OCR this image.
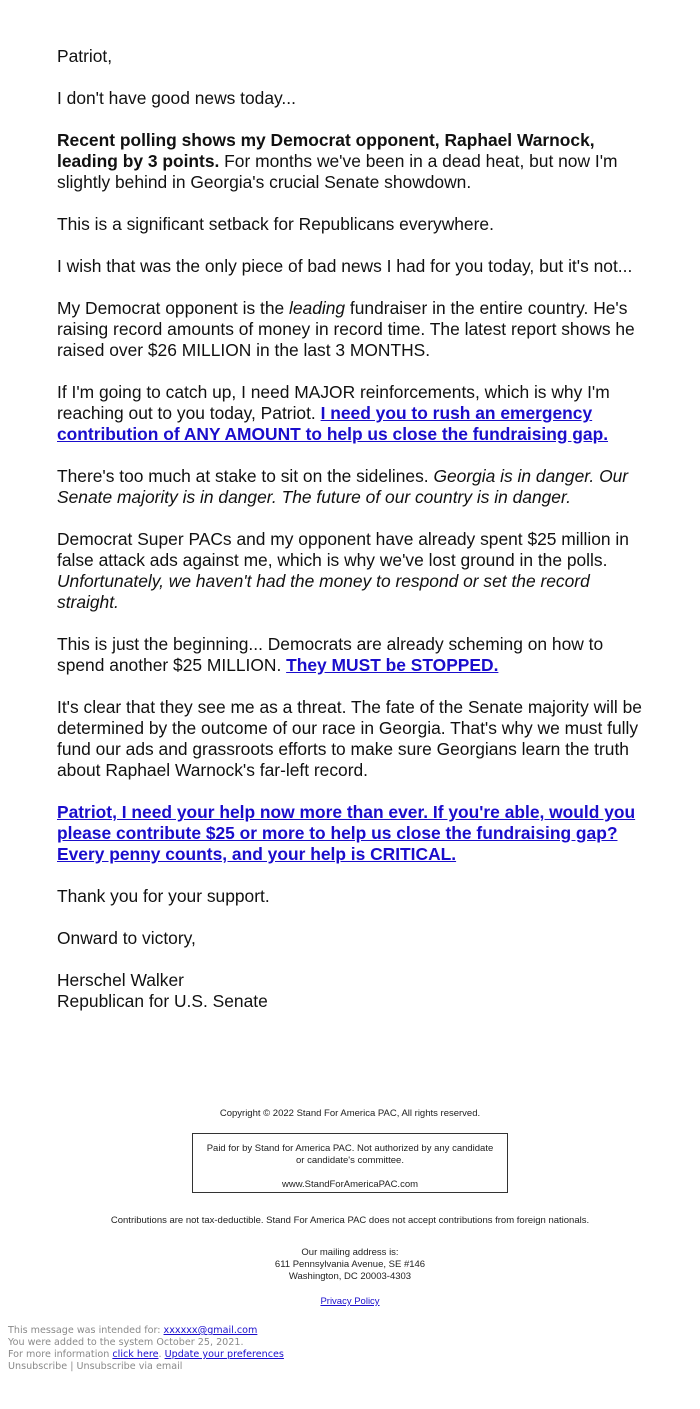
Patriot,

I don't have good news today...

Recent polling shows my Democrat opponent, Raphael Warnock, leading by 3 points. For months we've been in a dead heat, but now I'm slightly behind in Georgia's crucial Senate showdown.

This is a significant setback for Republicans everywhere.

I wish that was the only piece of bad news I had for you today, but it's not...

My Democrat opponent is the leading fundraiser in the entire country. He's raising record amounts of money in record time. The latest report shows he raised over $26 MILLION in the last 3 MONTHS.

If I'm going to catch up, I need MAJOR reinforcements, which is why I'm reaching out to you today, Patriot. I need you to rush an emergency contribution of ANY AMOUNT to help us close the fundraising gap.

There's too much at stake to sit on the sidelines. Georgia is in danger. Our Senate majority is in danger. The future of our country is in danger.

Democrat Super PACs and my opponent have already spent $25 million in false attack ads against me, which is why we've lost ground in the polls. Unfortunately, we haven't had the money to respond or set the record straight.

This is just the beginning... Democrats are already scheming on how to spend another $25 MILLION. They MUST be STOPPED.

It's clear that they see me as a threat. The fate of the Senate majority will be determined by the outcome of our race in Georgia. That's why we must fully fund our ads and grassroots efforts to make sure Georgians learn the truth about Raphael Warnock's far-left record.

Patriot, I need your help now more than ever. If you're able, would you please contribute $25 or more to help us close the fundraising gap? Every penny counts, and your help is CRITICAL.

Thank you for your support.

Onward to victory,

Herschel Walker
Republican for U.S. Senate

Copyright © 2022 Stand For America PAC, All rights reserved.
Paid for by Stand for America PAC. Not authorized by any candidate or candidate's committee.
www.StandForAmericaPAC.com
Contributions are not tax-deductible. Stand For America PAC does not accept contributions from foreign nationals.
Our mailing address is:
611 Pennsylvania Avenue, SE #146
Washington, DC 20003-4303
Privacy Policy
This message was intended for: xxxxxx@gmail.com
You were added to the system October 25, 2021.
For more information click here. Update your preferences
Unsubscribe | Unsubscribe via email
